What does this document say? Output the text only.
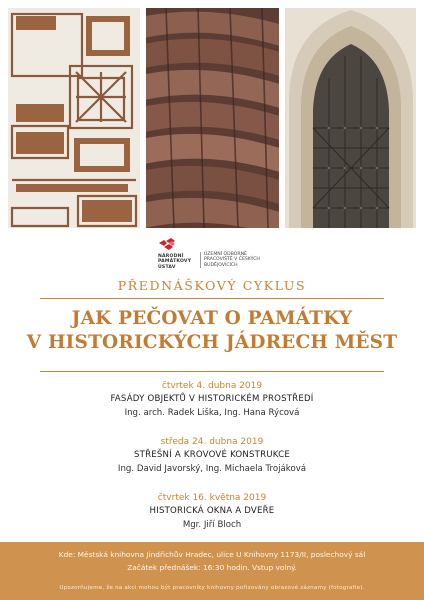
NÁRODNÍ
PAMÁTKOVÝ
ÚSTAV
ÚZEMNÍ ODBORNÉ
PRACOVIŠTĚ V ČESKÝCH
BUDĚJOVICÍCH
PŘEDNÁŠKOVÝ CYKLUS
JAK PEČOVAT O PAMÁTKY
V HISTORICKÝCH JÁDRECH MĚST
čtvrtek 4. dubna 2019
FASÁDY OBJEKTŮ V HISTORICKÉM PROSTŘEDÍ
Ing. arch. Radek Liška, Ing. Hana Rýcová
středa 24. dubna 2019
STŘEŠNÍ A KROVOVÉ KONSTRUKCE
Ing. David Javorský, Ing. Michaela Trojáková
čtvrtek 16. května 2019
HISTORICKÁ OKNA A DVEŘE
Mgr. Jiří Bloch
Kde: Městská knihovna Jindřichův Hradec, ulice U Knihovny 1173/II, poslechový sál
Začátek přednášek: 16:30 hodin. Vstup volný.
Upozorňujeme, že na akci mohou být pracovníky knihovny pořizovány obrazové záznamy (fotografie).
